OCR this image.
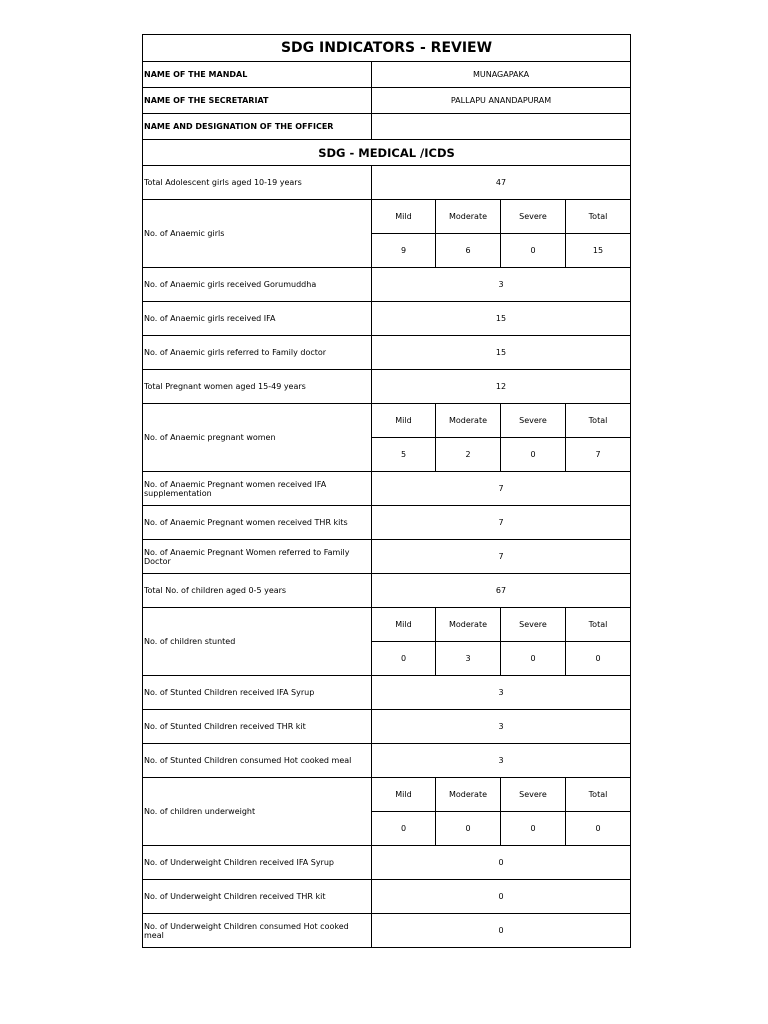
SDG INDICATORS - REVIEW				
NAME OF THE MANDAL	MUNAGAPAKA			
NAME OF THE SECRETARIAT	PALLAPU ANANDAPURAM			
NAME AND DESIGNATION OF THE OFFICER				
SDG - MEDICAL /ICDS				
Total Adolescent girls aged 10-19 years	47			
No. of Anaemic girls	Mild	Moderate	Severe	Total
	9	6	0	15
No. of Anaemic girls received Gorumuddha	3			
No. of Anaemic girls received IFA	15			
No. of Anaemic girls referred to Family doctor	15			
Total Pregnant women aged 15-49 years	12			
No. of Anaemic pregnant women	Mild	Moderate	Severe	Total
	5	2	0	7
No. of Anaemic Pregnant women received IFA supplementation	7			
No. of Anaemic Pregnant women received THR kits	7			
No. of Anaemic Pregnant Women referred to Family Doctor	7			
Total No. of children aged 0-5 years	67			
No. of children stunted	Mild	Moderate	Severe	Total
	0	3	0	0
No. of Stunted Children received IFA Syrup	3			
No. of Stunted Children received THR kit	3			
No. of Stunted Children consumed Hot cooked meal	3			
No. of children underweight	Mild	Moderate	Severe	Total
	0	0	0	0
No. of Underweight Children received IFA Syrup	0			
No. of Underweight Children received THR kit	0			
No. of Underweight Children consumed Hot cooked meal	0			
